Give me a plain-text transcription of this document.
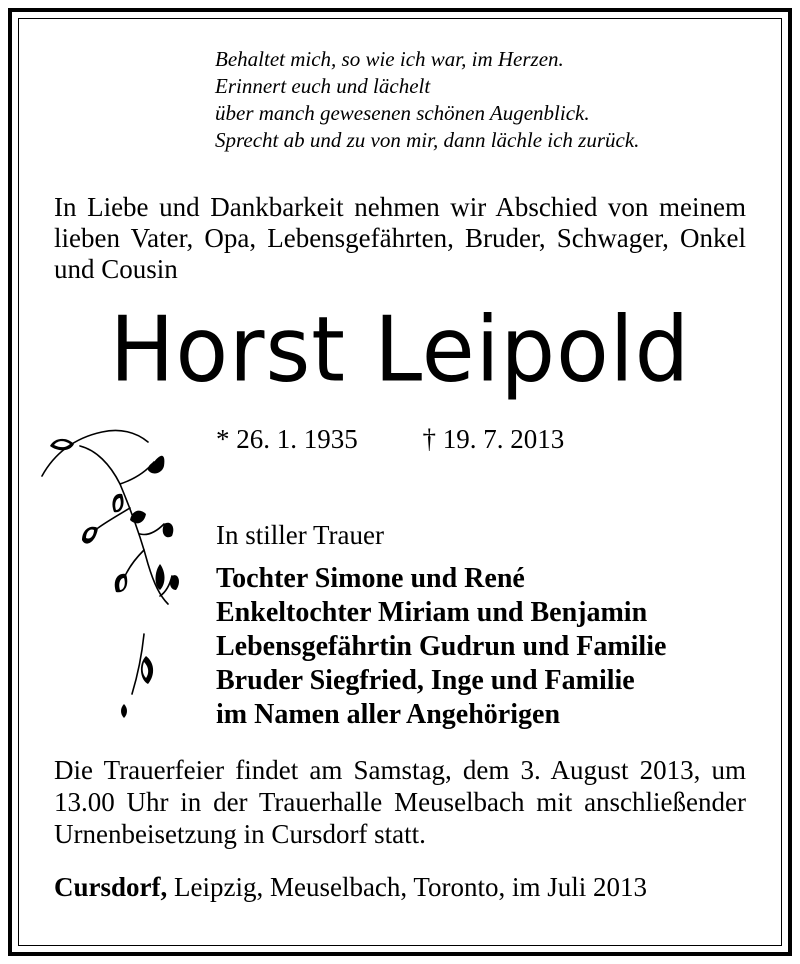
Behaltet mich, so wie ich war, im Herzen.
Erinnert euch und lächelt
über manch gewesenen schönen Augenblick.
Sprecht ab und zu von mir, dann lächle ich zurück.
In Liebe und Dankbarkeit nehmen wir Abschied von meinem lieben Vater, Opa, Lebensgefährten, Bruder, Schwager, Onkel und Cousin
Horst Leipold
* 26. 1. 1935 † 19. 7. 2013
In stiller Trauer
Tochter Simone und René
Enkeltochter Miriam und Benjamin
Lebensgefährtin Gudrun und Familie
Bruder Siegfried, Inge und Familie
im Namen aller Angehörigen
Die Trauerfeier findet am Samstag, dem 3. August 2013, um 13.00 Uhr in der Trauerhalle Meuselbach mit anschließender Urnenbeisetzung in Cursdorf statt.
Cursdorf, Leipzig, Meuselbach, Toronto, im Juli 2013
